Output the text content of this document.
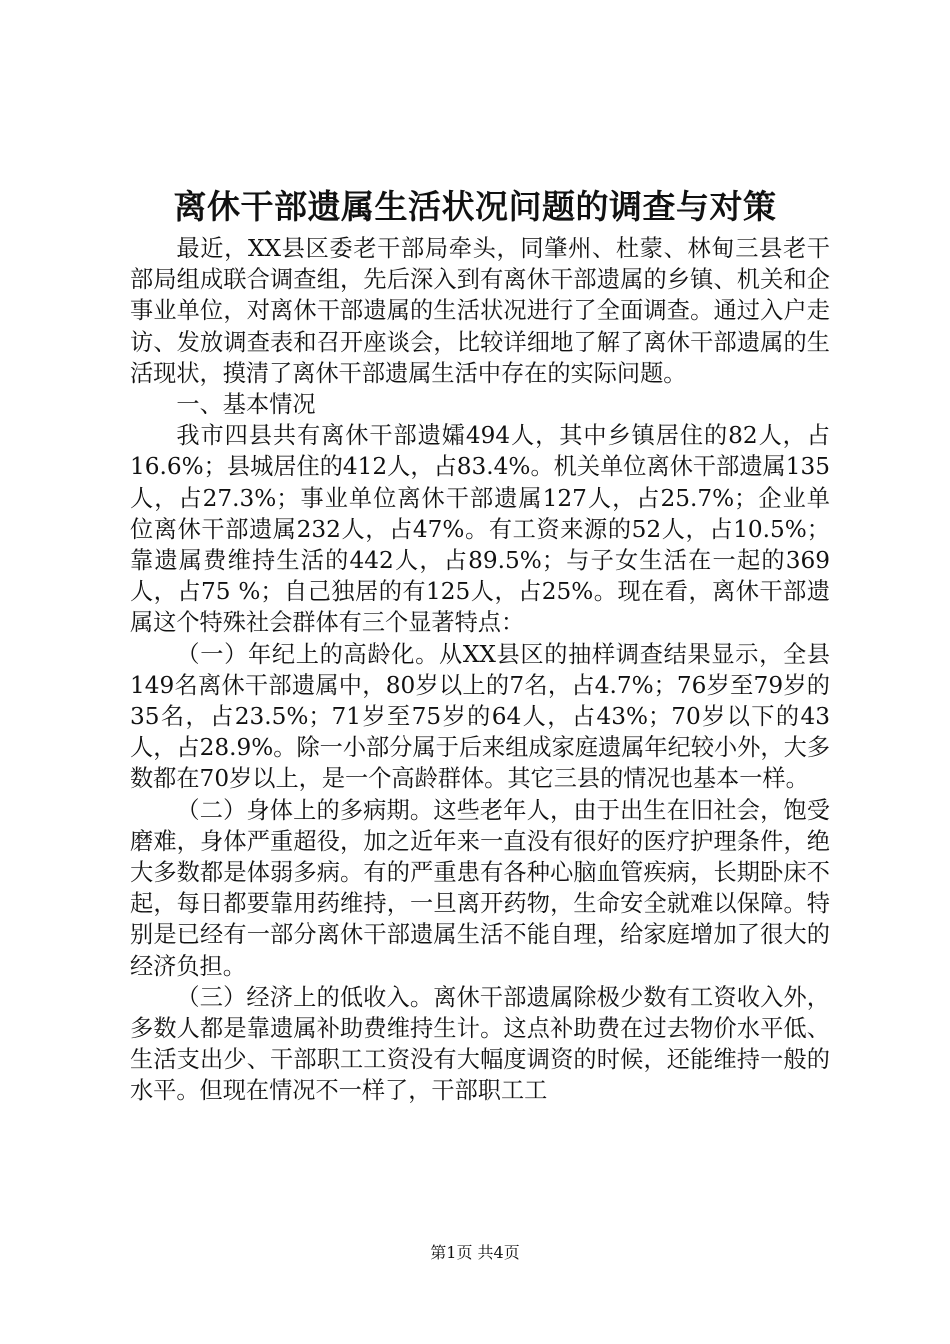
离休干部遗属生活状况问题的调查与对策

最近，XX县区委老干部局牵头，同肇州、杜蒙、林甸三县老干部局组成联合调查组，先后深入到有离休干部遗属的乡镇、机关和企事业单位，对离休干部遗属的生活状况进行了全面调查。通过入户走访、发放调查表和召开座谈会，比较详细地了解了离休干部遗属的生活现状，摸清了离休干部遗属生活中存在的实际问题。

一、基本情况

我市四县共有离休干部遗孀494人，其中乡镇居住的82人，占16.6%；县城居住的412人，占83.4%。机关单位离休干部遗属135人，占27.3%；事业单位离休干部遗属127人，占25.7%；企业单位离休干部遗属232人，占47%。有工资来源的52人，占10.5%；靠遗属费维持生活的442人，占89.5%；与子女生活在一起的369人，占75 %；自己独居的有125人，占25%。现在看，离休干部遗属这个特殊社会群体有三个显著特点：

（一）年纪上的高龄化。从XX县区的抽样调查结果显示，全县149名离休干部遗属中，80岁以上的7名，占4.7%；76岁至79岁的35名，占23.5%；71岁至75岁的64人，占43%；70岁以下的43人，占28.9%。除一小部分属于后来组成家庭遗属年纪较小外，大多数都在70岁以上，是一个高龄群体。其它三县的情况也基本一样。

（二）身体上的多病期。这些老年人，由于出生在旧社会，饱受磨难，身体严重超役，加之近年来一直没有很好的医疗护理条件，绝大多数都是体弱多病。有的严重患有各种心脑血管疾病，长期卧床不起，每日都要靠用药维持，一旦离开药物，生命安全就难以保障。特别是已经有一部分离休干部遗属生活不能自理，给家庭增加了很大的经济负担。

（三）经济上的低收入。离休干部遗属除极少数有工资收入外，多数人都是靠遗属补助费维持生计。这点补助费在过去物价水平低、生活支出少、干部职工工资没有大幅度调资的时候，还能维持一般的水平。但现在情况不一样了，干部职工工

第1页 共4页
